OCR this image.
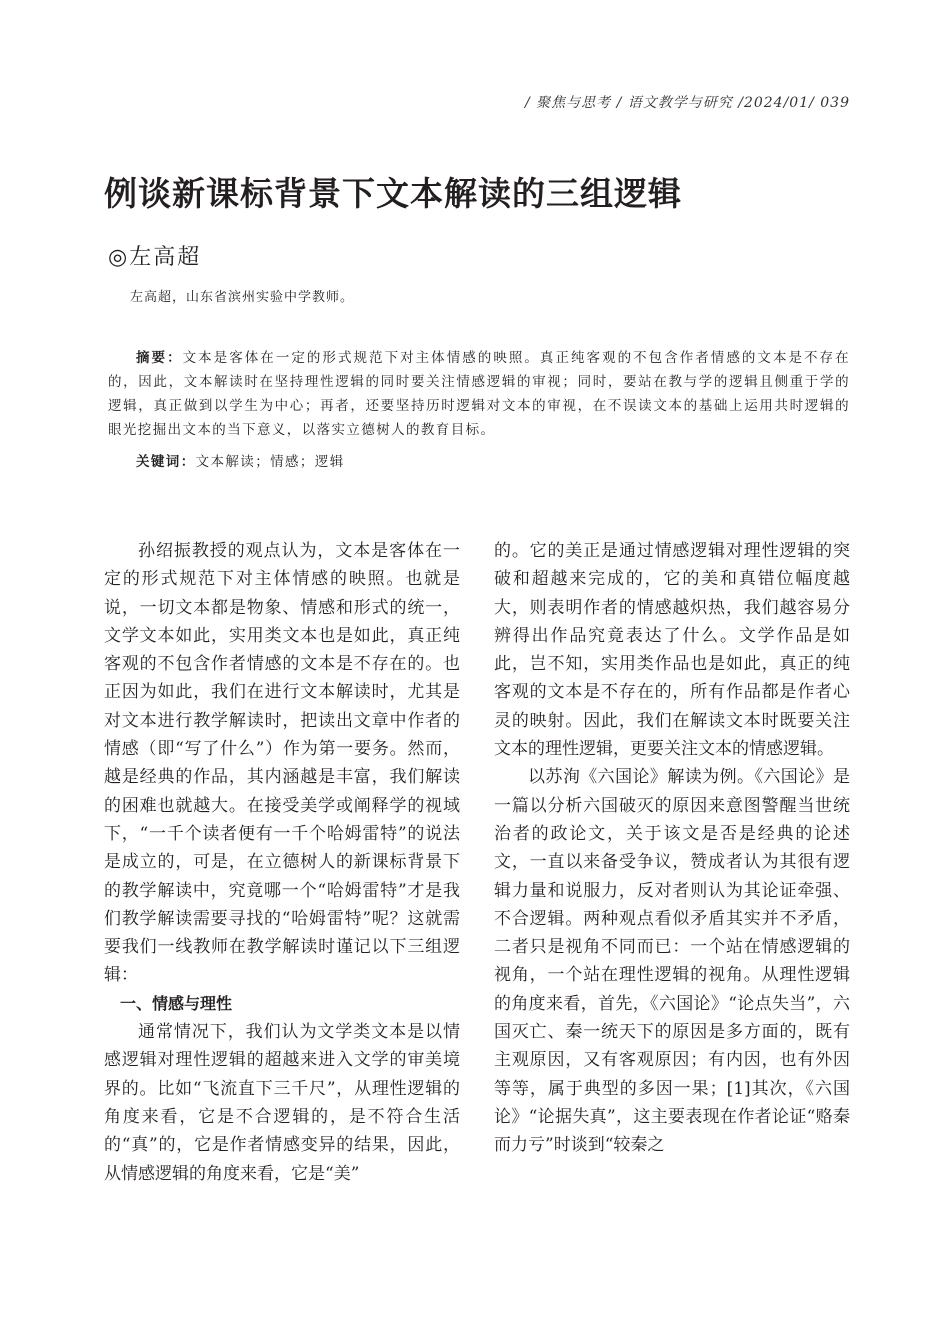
/ 聚焦与思考 / 语文教学与研究 /2024/01/ 039
例谈新课标背景下文本解读的三组逻辑
◎左高超
左高超，山东省滨州实验中学教师。
摘要：文本是客体在一定的形式规范下对主体情感的映照。真正纯客观的不包含作者情感的文本是不存在的，因此，文本解读时在坚持理性逻辑的同时要关注情感逻辑的审视；同时，要站在教与学的逻辑且侧重于学的逻辑，真正做到以学生为中心；再者，还要坚持历时逻辑对文本的审视，在不误读文本的基础上运用共时逻辑的眼光挖掘出文本的当下意义，以落实立德树人的教育目标。
关键词：文本解读；情感；逻辑

孙绍振教授的观点认为，文本是客体在一定的形式规范下对主体情感的映照。也就是说，一切文本都是物象、情感和形式的统一，文学文本如此，实用类文本也是如此，真正纯客观的不包含作者情感的文本是不存在的。也正因为如此，我们在进行文本解读时，尤其是对文本进行教学解读时，把读出文章中作者的情感（即“写了什么”）作为第一要务。然而，越是经典的作品，其内涵越是丰富，我们解读的困难也就越大。在接受美学或阐释学的视域下，“一千个读者便有一千个哈姆雷特”的说法是成立的，可是，在立德树人的新课标背景下的教学解读中，究竟哪一个“哈姆雷特”才是我们教学解读需要寻找的“哈姆雷特”呢？这就需要我们一线教师在教学解读时谨记以下三组逻辑：

一、情感与理性

通常情况下，我们认为文学类文本是以情感逻辑对理性逻辑的超越来进入文学的审美境界的。比如“飞流直下三千尺”，从理性逻辑的角度来看，它是不合逻辑的，是不符合生活的“真”的，它是作者情感变异的结果，因此，从情感逻辑的角度来看，它是“美”

的。它的美正是通过情感逻辑对理性逻辑的突破和超越来完成的，它的美和真错位幅度越大，则表明作者的情感越炽热，我们越容易分辨得出作品究竟表达了什么。文学作品是如此，岂不知，实用类作品也是如此，真正的纯客观的文本是不存在的，所有作品都是作者心灵的映射。因此，我们在解读文本时既要关注文本的理性逻辑，更要关注文本的情感逻辑。

以苏洵《六国论》解读为例。《六国论》是一篇以分析六国破灭的原因来意图警醒当世统治者的政论文，关于该文是否是经典的论述文，一直以来备受争议，赞成者认为其很有逻辑力量和说服力，反对者则认为其论证牵强、不合逻辑。两种观点看似矛盾其实并不矛盾，二者只是视角不同而已：一个站在情感逻辑的视角，一个站在理性逻辑的视角。从理性逻辑的角度来看，首先，《六国论》“论点失当”，六国灭亡、秦一统天下的原因是多方面的，既有主观原因，又有客观原因；有内因，也有外因等等，属于典型的多因一果；[1]其次，《六国论》“论据失真”，这主要表现在作者论证“赂秦而力亏”时谈到“较秦之
